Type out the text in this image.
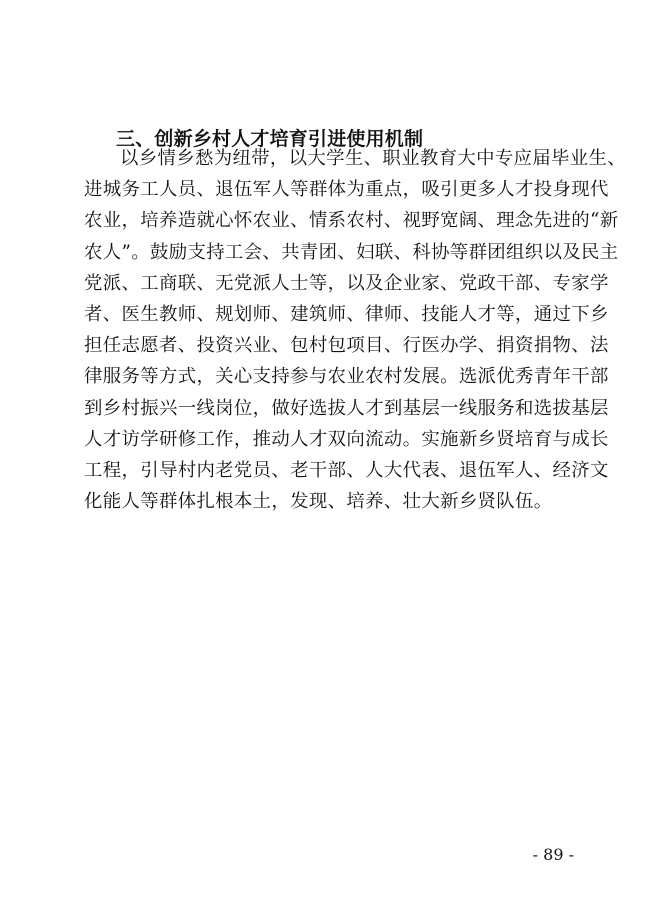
三、创新乡村人才培育引进使用机制
以乡情乡愁为纽带，以大学生、职业教育大中专应届毕业生、
进城务工人员、退伍军人等群体为重点，吸引更多人才投身现代
农业，培养造就心怀农业、情系农村、视野宽阔、理念先进的“新
农人”。鼓励支持工会、共青团、妇联、科协等群团组织以及民主
党派、工商联、无党派人士等，以及企业家、党政干部、专家学
者、医生教师、规划师、建筑师、律师、技能人才等，通过下乡
担任志愿者、投资兴业、包村包项目、行医办学、捐资捐物、法
律服务等方式，关心支持参与农业农村发展。选派优秀青年干部
到乡村振兴一线岗位，做好选拔人才到基层一线服务和选拔基层
人才访学研修工作，推动人才双向流动。实施新乡贤培育与成长
工程，引导村内老党员、老干部、人大代表、退伍军人、经济文
化能人等群体扎根本土，发现、培养、壮大新乡贤队伍。
- 89 -
